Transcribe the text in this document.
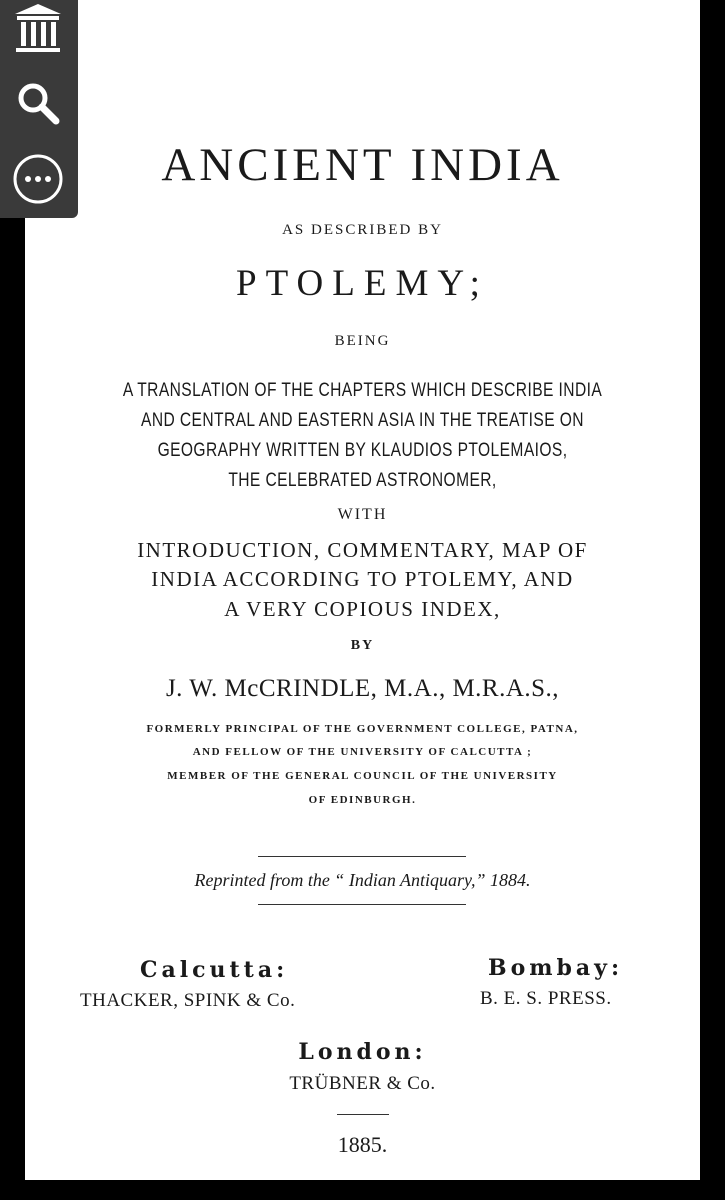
ANCIENT INDIA
AS DESCRIBED BY
PTOLEMY;
BEING
A TRANSLATION OF THE CHAPTERS WHICH DESCRIBE INDIA
AND CENTRAL AND EASTERN ASIA IN THE TREATISE ON
GEOGRAPHY WRITTEN BY KLAUDIOS PTOLEMAIOS,
THE CELEBRATED ASTRONOMER,
WITH
INTRODUCTION, COMMENTARY, MAP OF
INDIA ACCORDING TO PTOLEMY, AND
A VERY COPIOUS INDEX,
BY
J. W. McCRINDLE, M.A., M.R.A.S.,
FORMERLY PRINCIPAL OF THE GOVERNMENT COLLEGE, PATNA,
AND FELLOW OF THE UNIVERSITY OF CALCUTTA ;
MEMBER OF THE GENERAL COUNCIL OF THE UNIVERSITY
OF EDINBURGH.
Reprinted from the “ Indian Antiquary,” 1884.
Calcutta:
THACKER, SPINK & Co.
Bombay:
B. E. S. PRESS.
London:
TRÜBNER & Co.
1885.
